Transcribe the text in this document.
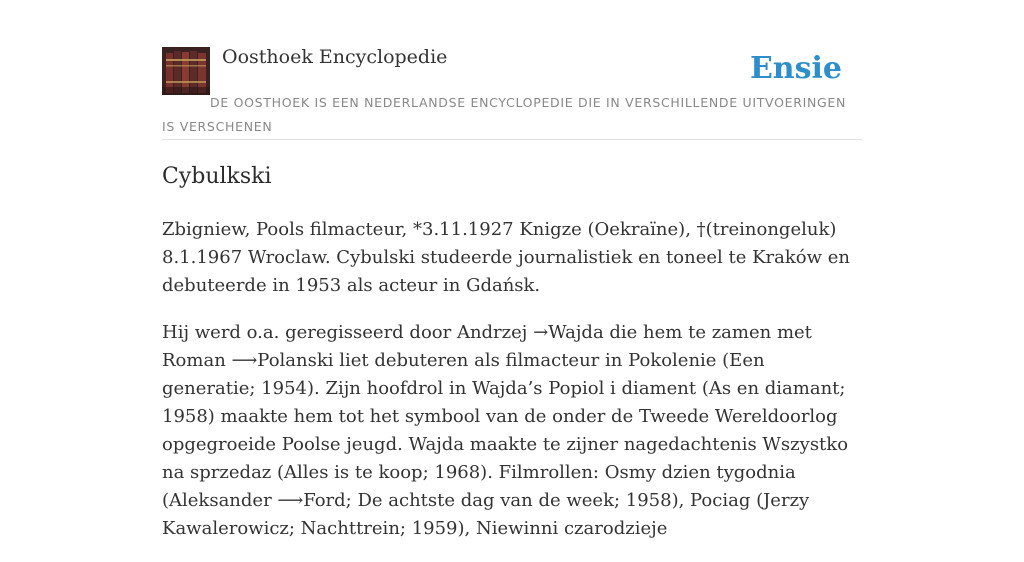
Oosthoek Encyclopedie	Ensie
DE OOSTHOEK IS EEN NEDERLANDSE ENCYCLOPEDIE DIE IN VERSCHILLENDE UITVOERINGEN IS VERSCHENEN
Cybulkski

Zbigniew, Pools filmacteur, *3.11.1927 Knigze (Oekraïne), †(treinongeluk) 8.1.1967 Wroclaw. Cybulski studeerde journalistiek en toneel te Kraków en debuteerde in 1953 als acteur in Gdańsk.

Hij werd o.a. geregisseerd door Andrzej →Wajda die hem te zamen met Roman ⟶Polanski liet debuteren als filmacteur in Pokolenie (Een generatie; 1954). Zijn hoofdrol in Wajda’s Popiol i diament (As en diamant; 1958) maakte hem tot het symbool van de onder de Tweede Wereldoorlog opgegroeide Poolse jeugd. Wajda maakte te zijner nagedachtenis Wszystko na sprzedaz (Alles is te koop; 1968). Filmrollen: Osmy dzien tygodnia (Aleksander ⟶Ford; De achtste dag van de week; 1958), Pociag (Jerzy Kawalerowicz; Nachttrein; 1959), Niewinni czarodzieje
